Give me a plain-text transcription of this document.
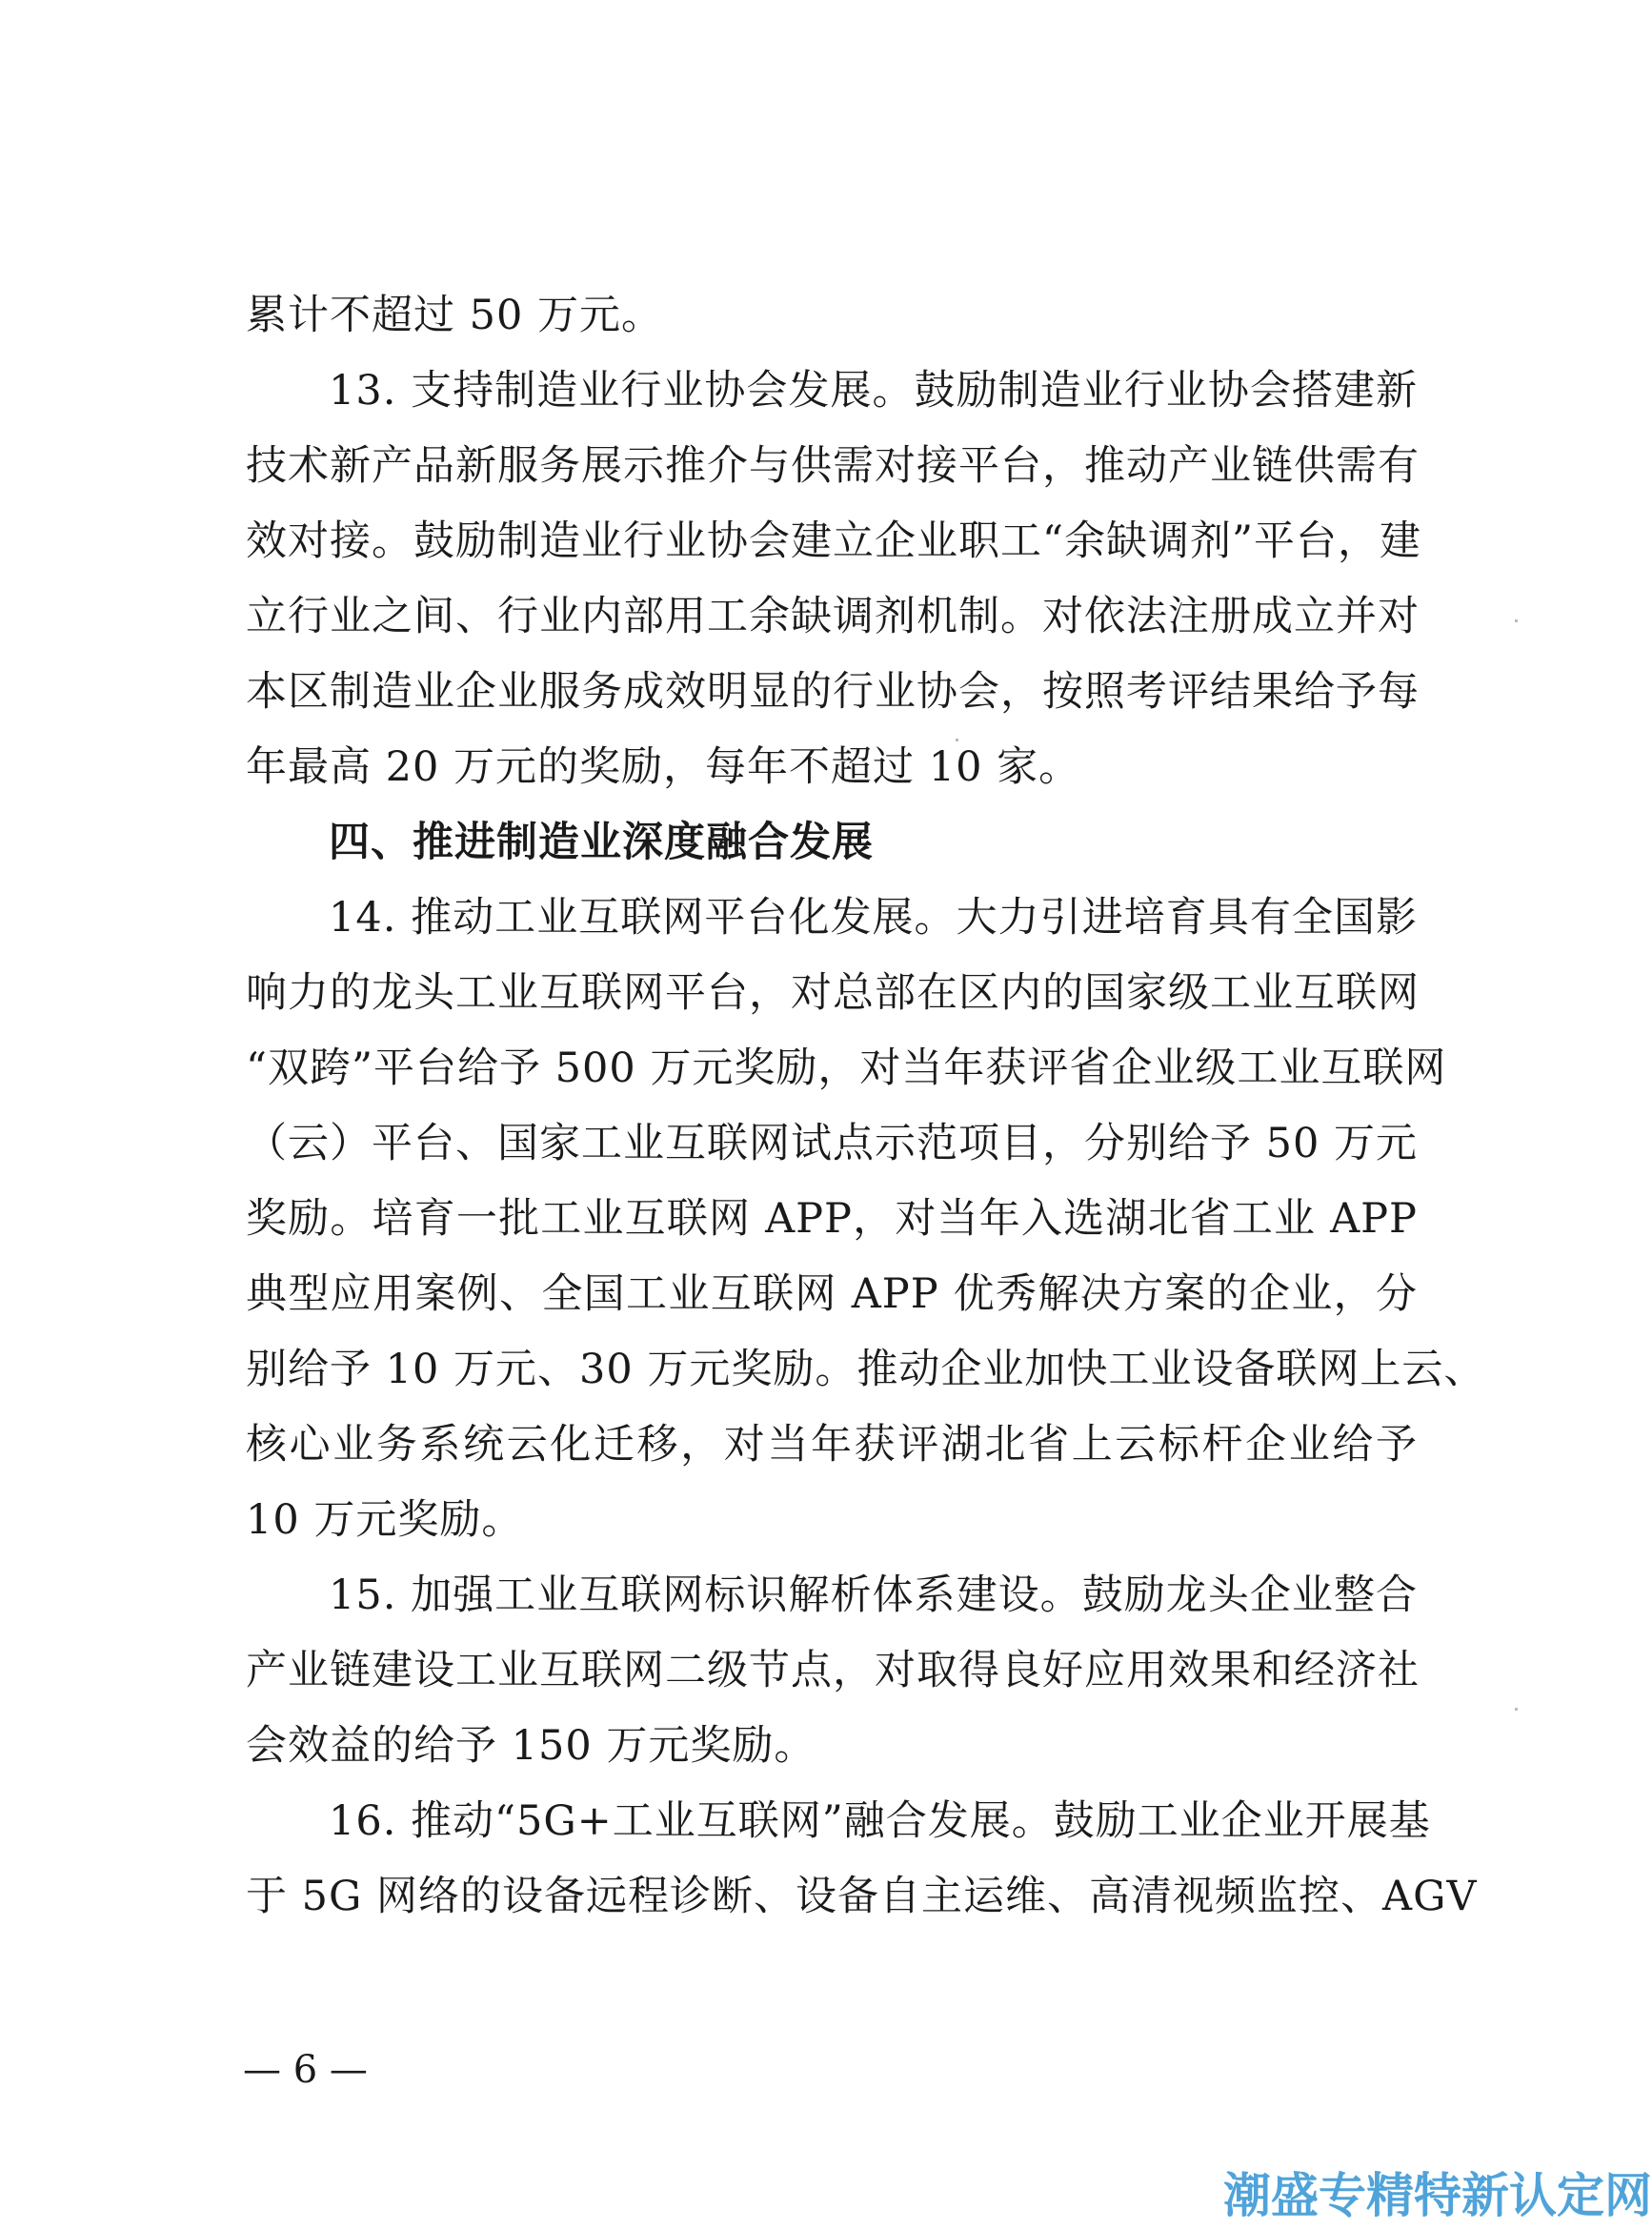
累计不超过 50 万元。
13. 支持制造业行业协会发展。鼓励制造业行业协会搭建新
技术新产品新服务展示推介与供需对接平台，推动产业链供需有
效对接。鼓励制造业行业协会建立企业职工“余缺调剂”平台，建
立行业之间、行业内部用工余缺调剂机制。对依法注册成立并对
本区制造业企业服务成效明显的行业协会，按照考评结果给予每
年最高 20 万元的奖励，每年不超过 10 家。
四、推进制造业深度融合发展
14. 推动工业互联网平台化发展。大力引进培育具有全国影
响力的龙头工业互联网平台，对总部在区内的国家级工业互联网
“双跨”平台给予 500 万元奖励，对当年获评省企业级工业互联网
（云）平台、国家工业互联网试点示范项目，分别给予 50 万元
奖励。培育一批工业互联网 APP，对当年入选湖北省工业 APP
典型应用案例、全国工业互联网 APP 优秀解决方案的企业，分
别给予 10 万元、30 万元奖励。推动企业加快工业设备联网上云、
核心业务系统云化迁移，对当年获评湖北省上云标杆企业给予
10 万元奖励。
15. 加强工业互联网标识解析体系建设。鼓励龙头企业整合
产业链建设工业互联网二级节点，对取得良好应用效果和经济社
会效益的给予 150 万元奖励。
16. 推动“5G+工业互联网”融合发展。鼓励工业企业开展基
于 5G 网络的设备远程诊断、设备自主运维、高清视频监控、AGV
— 6 —
潮盛专精特新认定网
